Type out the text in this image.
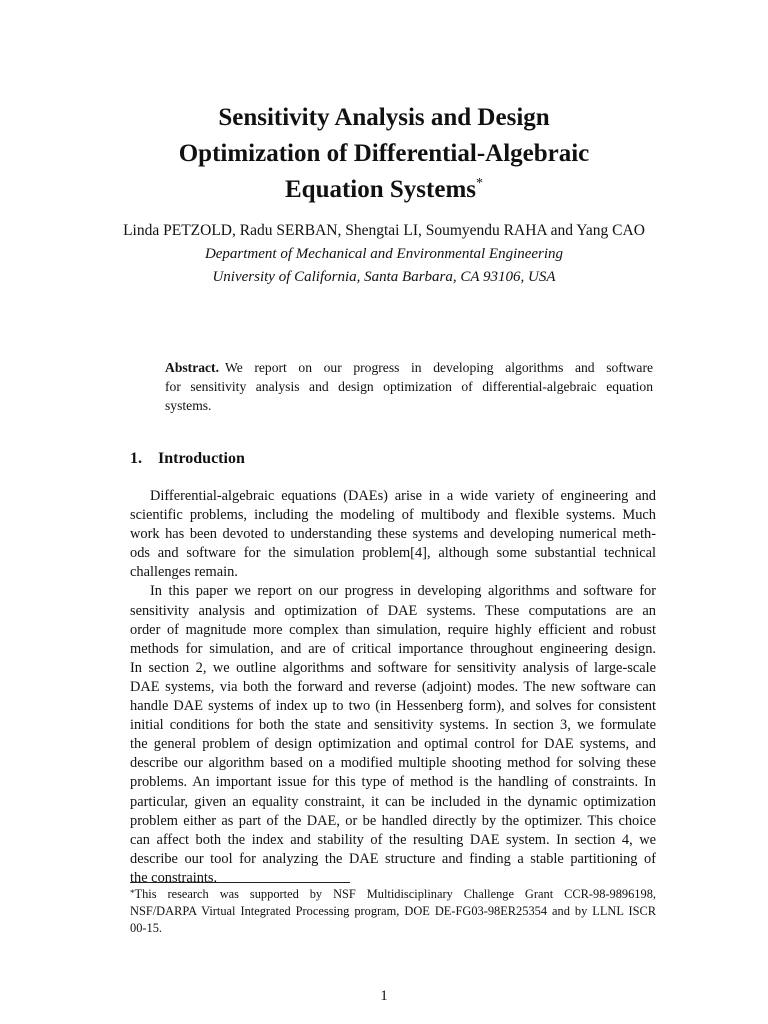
Sensitivity Analysis and Design
Optimization of Differential-Algebraic
Equation Systems*
Linda PETZOLD, Radu SERBAN, Shengtai LI, Soumyendu RAHA and Yang CAO
Department of Mechanical and Environmental Engineering
University of California, Santa Barbara, CA 93106, USA
Abstract. We report on our progress in developing algorithms and software
for sensitivity analysis and design optimization of differential-algebraic equation
systems.
1. Introduction
Differential-algebraic equations (DAEs) arise in a wide variety of engineering and
scientific problems, including the modeling of multibody and flexible systems. Much
work has been devoted to understanding these systems and developing numerical meth-
ods and software for the simulation problem[4], although some substantial technical
challenges remain.
In this paper we report on our progress in developing algorithms and software for
sensitivity analysis and optimization of DAE systems. These computations are an
order of magnitude more complex than simulation, require highly efficient and robust
methods for simulation, and are of critical importance throughout engineering design.
In section 2, we outline algorithms and software for sensitivity analysis of large-scale
DAE systems, via both the forward and reverse (adjoint) modes. The new software can
handle DAE systems of index up to two (in Hessenberg form), and solves for consistent
initial conditions for both the state and sensitivity systems. In section 3, we formulate
the general problem of design optimization and optimal control for DAE systems, and
describe our algorithm based on a modified multiple shooting method for solving these
problems. An important issue for this type of method is the handling of constraints. In
particular, given an equality constraint, it can be included in the dynamic optimization
problem either as part of the DAE, or be handled directly by the optimizer. This choice
can affect both the index and stability of the resulting DAE system. In section 4, we
describe our tool for analyzing the DAE structure and finding a stable partitioning of
the constraints.
*This research was supported by NSF Multidisciplinary Challenge Grant CCR-98-9896198,
NSF/DARPA Virtual Integrated Processing program, DOE DE-FG03-98ER25354 and by LLNL ISCR
00-15.
1
